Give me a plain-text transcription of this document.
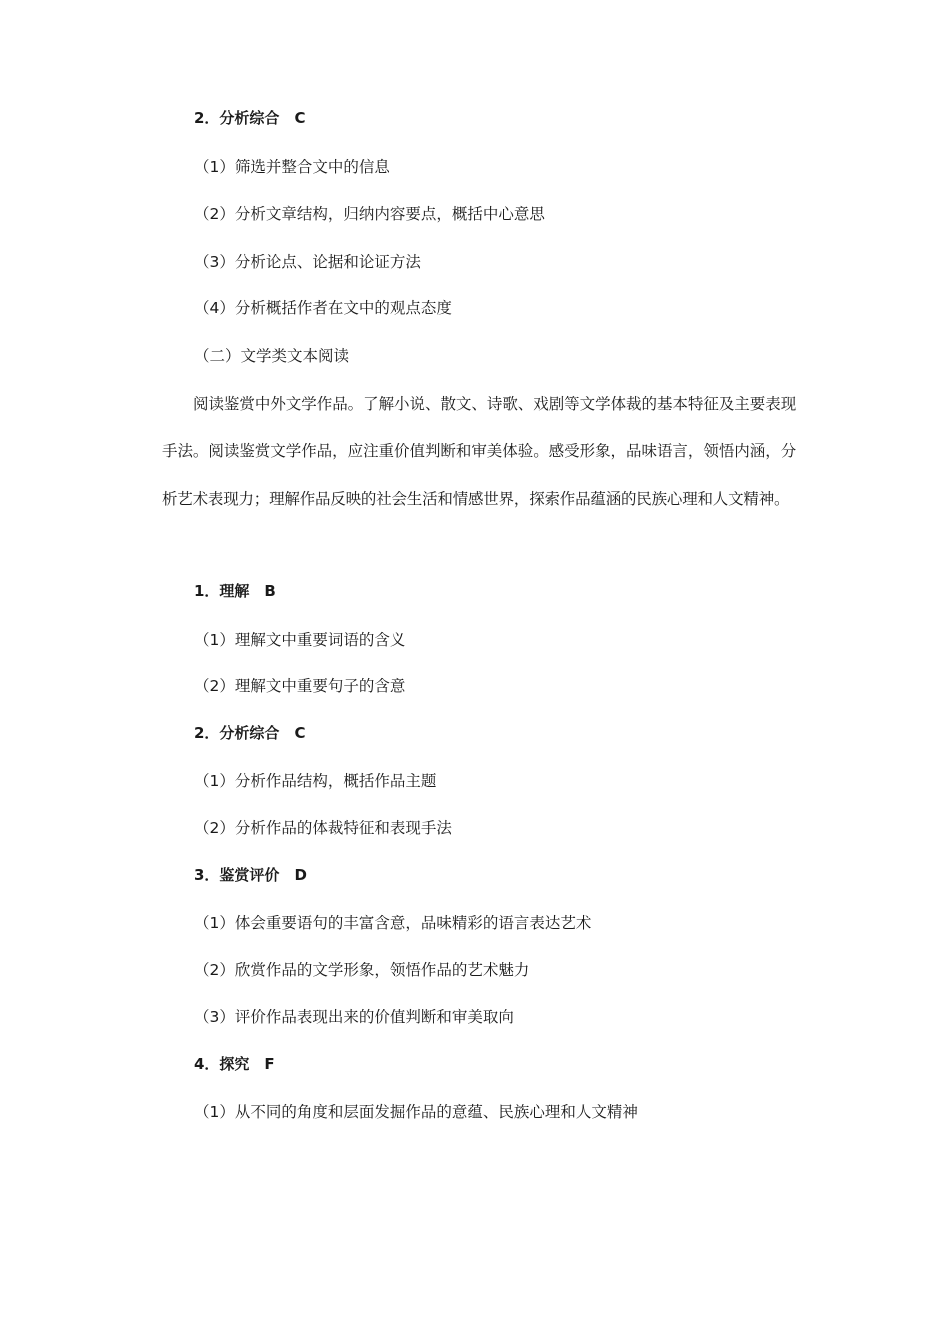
2．分析综合　C
（1）筛选并整合文中的信息
（2）分析文章结构，归纳内容要点，概括中心意思
（3）分析论点、论据和论证方法
（4）分析概括作者在文中的观点态度
（二）文学类文本阅读
阅读鉴赏中外文学作品。了解小说、散文、诗歌、戏剧等文学体裁的基本特征及主要表现手法。阅读鉴赏文学作品，应注重价值判断和审美体验。感受形象，品味语言，领悟内涵，分析艺术表现力；理解作品反映的社会生活和情感世界，探索作品蕴涵的民族心理和人文精神。
1．理解　B
（1）理解文中重要词语的含义
（2）理解文中重要句子的含意
2．分析综合　C
（1）分析作品结构，概括作品主题
（2）分析作品的体裁特征和表现手法
3．鉴赏评价　D
（1）体会重要语句的丰富含意，品味精彩的语言表达艺术
（2）欣赏作品的文学形象，领悟作品的艺术魅力
（3）评价作品表现出来的价值判断和审美取向
4．探究　F
（1）从不同的角度和层面发掘作品的意蕴、民族心理和人文精神
